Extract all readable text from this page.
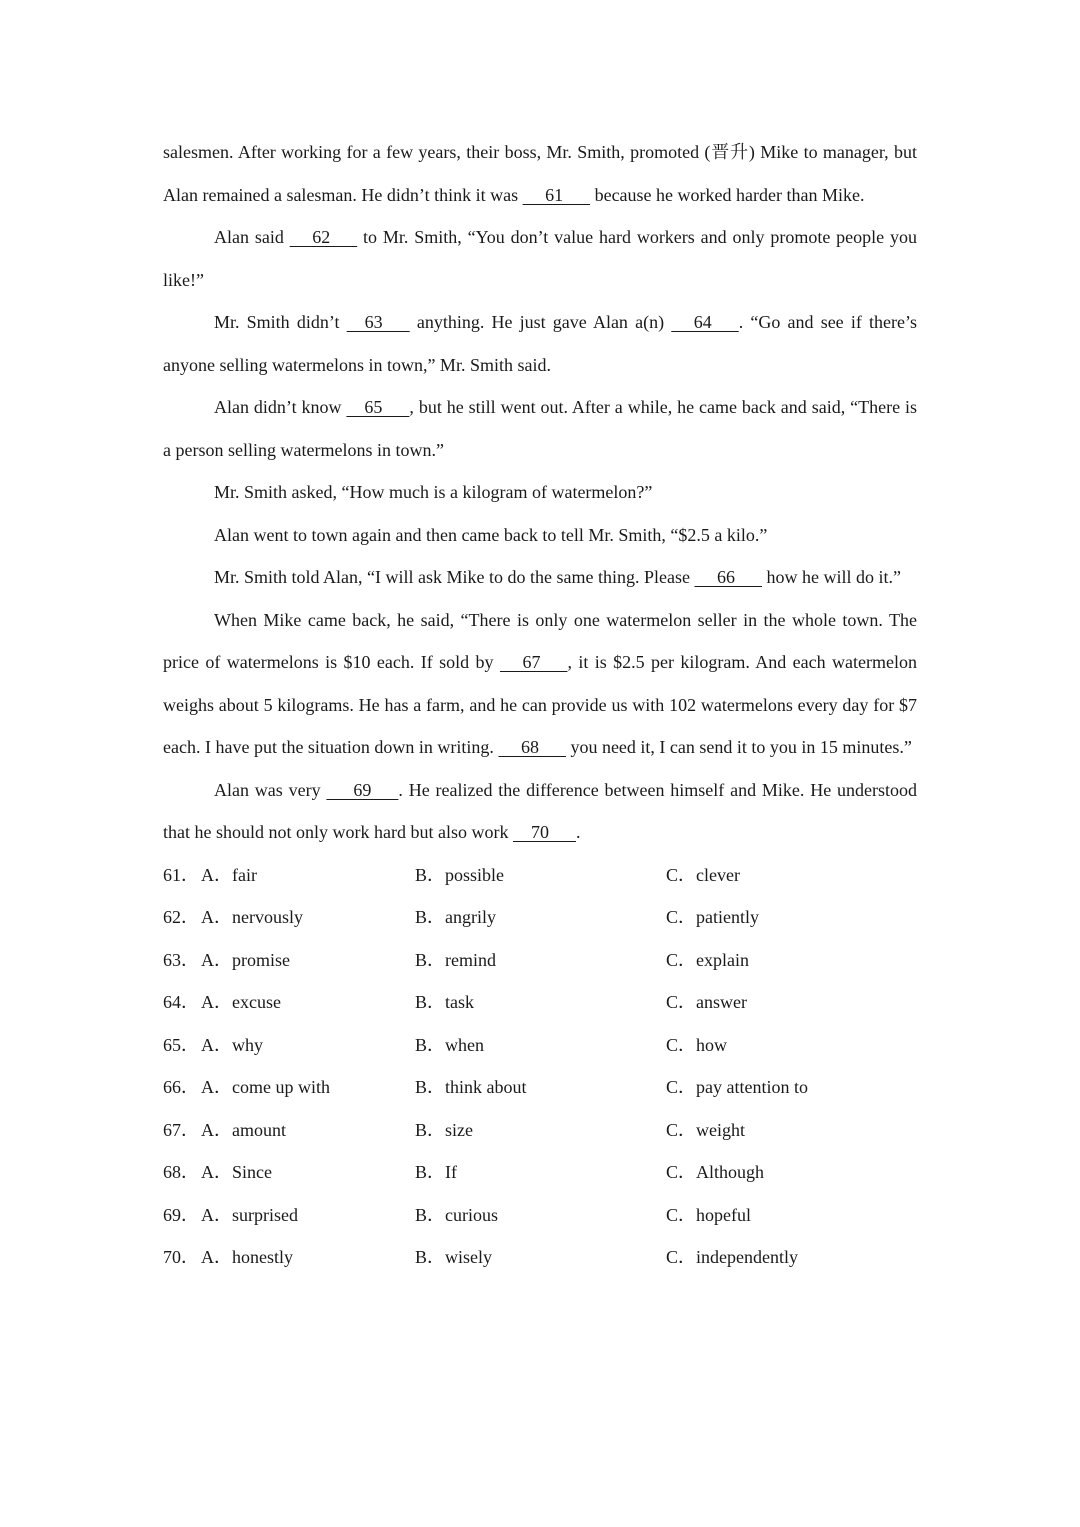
salesmen. After working for a few years, their boss, Mr. Smith, promoted (晋升) Mike to manager, but Alan remained a salesman. He didn’t think it was      61       because he worked harder than Mike.

Alan said      62       to Mr. Smith, “You don’t value hard workers and only promote people you like!”

Mr. Smith didn’t     63       anything. He just gave Alan a(n)      64      . “Go and see if there’s anyone selling watermelons in town,” Mr. Smith said.

Alan didn’t know     65      , but he still went out. After a while, he came back and said, “There is a person selling watermelons in town.”

Mr. Smith asked, “How much is a kilogram of watermelon?”

Alan went to town again and then came back to tell Mr. Smith, “$2.5 a kilo.”

Mr. Smith told Alan, “I will ask Mike to do the same thing. Please      66       how he will do it.”

When Mike came back, he said, “There is only one watermelon seller in the whole town. The price of watermelons is $10 each. If sold by      67      , it is $2.5 per kilogram. And each watermelon weighs about 5 kilograms. He has a farm, and he can provide us with 102 watermelons every day for $7 each. I have put the situation down in writing.      68       you need it, I can send it to you in 15 minutes.”

Alan was very       69      . He realized the difference between himself and Mike. He understood that he should not only work hard but also work     70      .

61． A．fair	B．possible	C．clever
62． A．nervously	B．angrily	C．patiently
63． A．promise	B．remind	C．explain
64． A．excuse	B．task	C．answer
65． A．why	B．when	C．how
66． A．come up with	B．think about	C．pay attention to
67． A．amount	B．size	C．weight
68． A．Since	B．If	C．Although
69． A．surprised	B．curious	C．hopeful
70． A．honestly	B．wisely	C．independently
